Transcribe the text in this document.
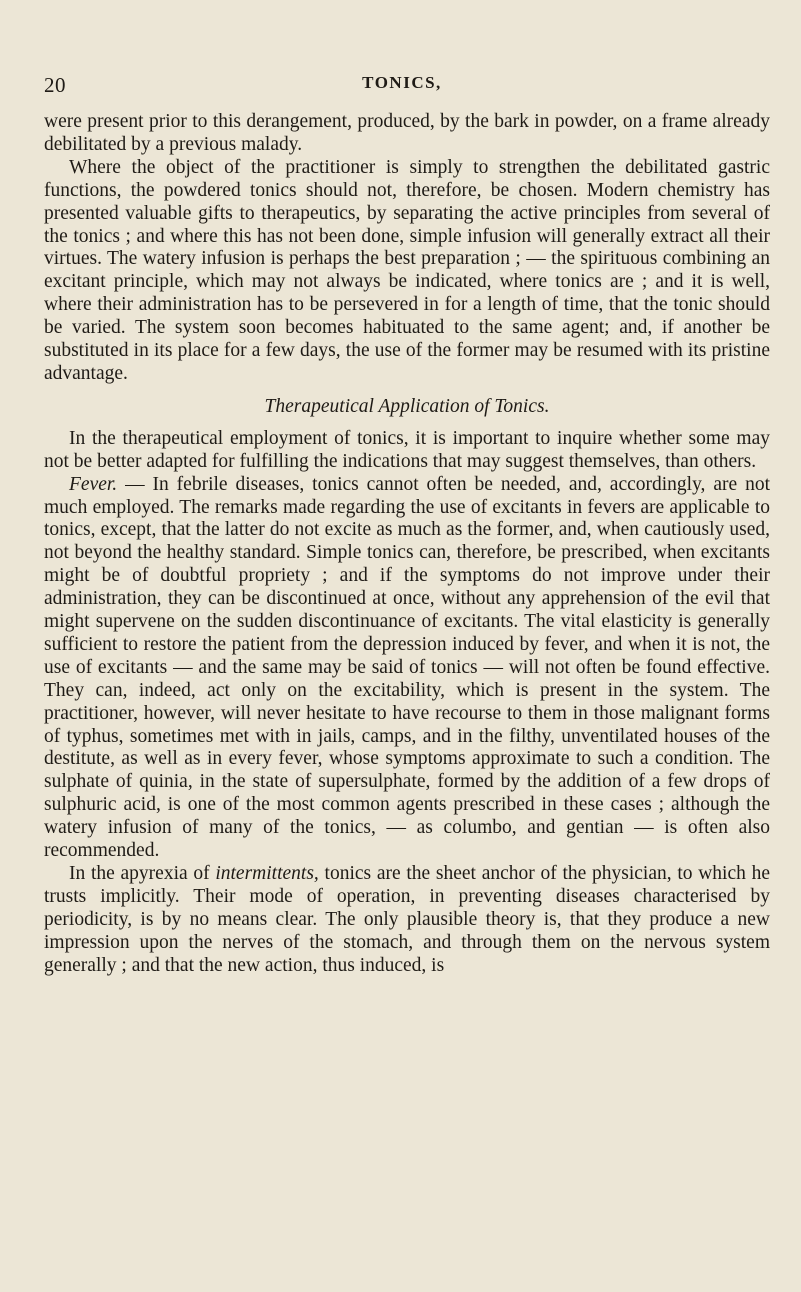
20	TONICS,

were present prior to this derangement, produced, by the bark in powder, on a frame already debilitated by a previous malady.

Where the object of the practitioner is simply to strengthen the debilitated gastric functions, the powdered tonics should not, therefore, be chosen. Modern chemistry has presented valuable gifts to therapeutics, by separating the active principles from several of the tonics ; and where this has not been done, simple infusion will generally extract all their virtues. The watery infusion is perhaps the best preparation ; — the spirituous combining an excitant principle, which may not always be indicated, where tonics are ; and it is well, where their administration has to be persevered in for a length of time, that the tonic should be varied. The system soon becomes habituated to the same agent; and, if another be substituted in its place for a few days, the use of the former may be resumed with its pristine advantage.

Therapeutical Application of Tonics.

In the therapeutical employment of tonics, it is important to inquire whether some may not be better adapted for fulfilling the indications that may suggest themselves, than others.

Fever. — In febrile diseases, tonics cannot often be needed, and, accordingly, are not much employed. The remarks made regarding the use of excitants in fevers are applicable to tonics, except, that the latter do not excite as much as the former, and, when cautiously used, not beyond the healthy standard. Simple tonics can, therefore, be prescribed, when excitants might be of doubtful propriety ; and if the symptoms do not improve under their administration, they can be discontinued at once, without any apprehension of the evil that might supervene on the sudden discontinuance of excitants. The vital elasticity is generally sufficient to restore the patient from the depression induced by fever, and when it is not, the use of excitants — and the same may be said of tonics — will not often be found effective. They can, indeed, act only on the excitability, which is present in the system. The practitioner, however, will never hesitate to have recourse to them in those malignant forms of typhus, sometimes met with in jails, camps, and in the filthy, unventilated houses of the destitute, as well as in every fever, whose symptoms approximate to such a condition. The sulphate of quinia, in the state of supersulphate, formed by the addition of a few drops of sulphuric acid, is one of the most common agents prescribed in these cases ; although the watery infusion of many of the tonics, — as columbo, and gentian — is often also recommended.

In the apyrexia of intermittents, tonics are the sheet anchor of the physician, to which he trusts implicitly. Their mode of operation, in preventing diseases characterised by periodicity, is by no means clear. The only plausible theory is, that they produce a new impression upon the nerves of the stomach, and through them on the nervous system generally ; and that the new action, thus induced, is
